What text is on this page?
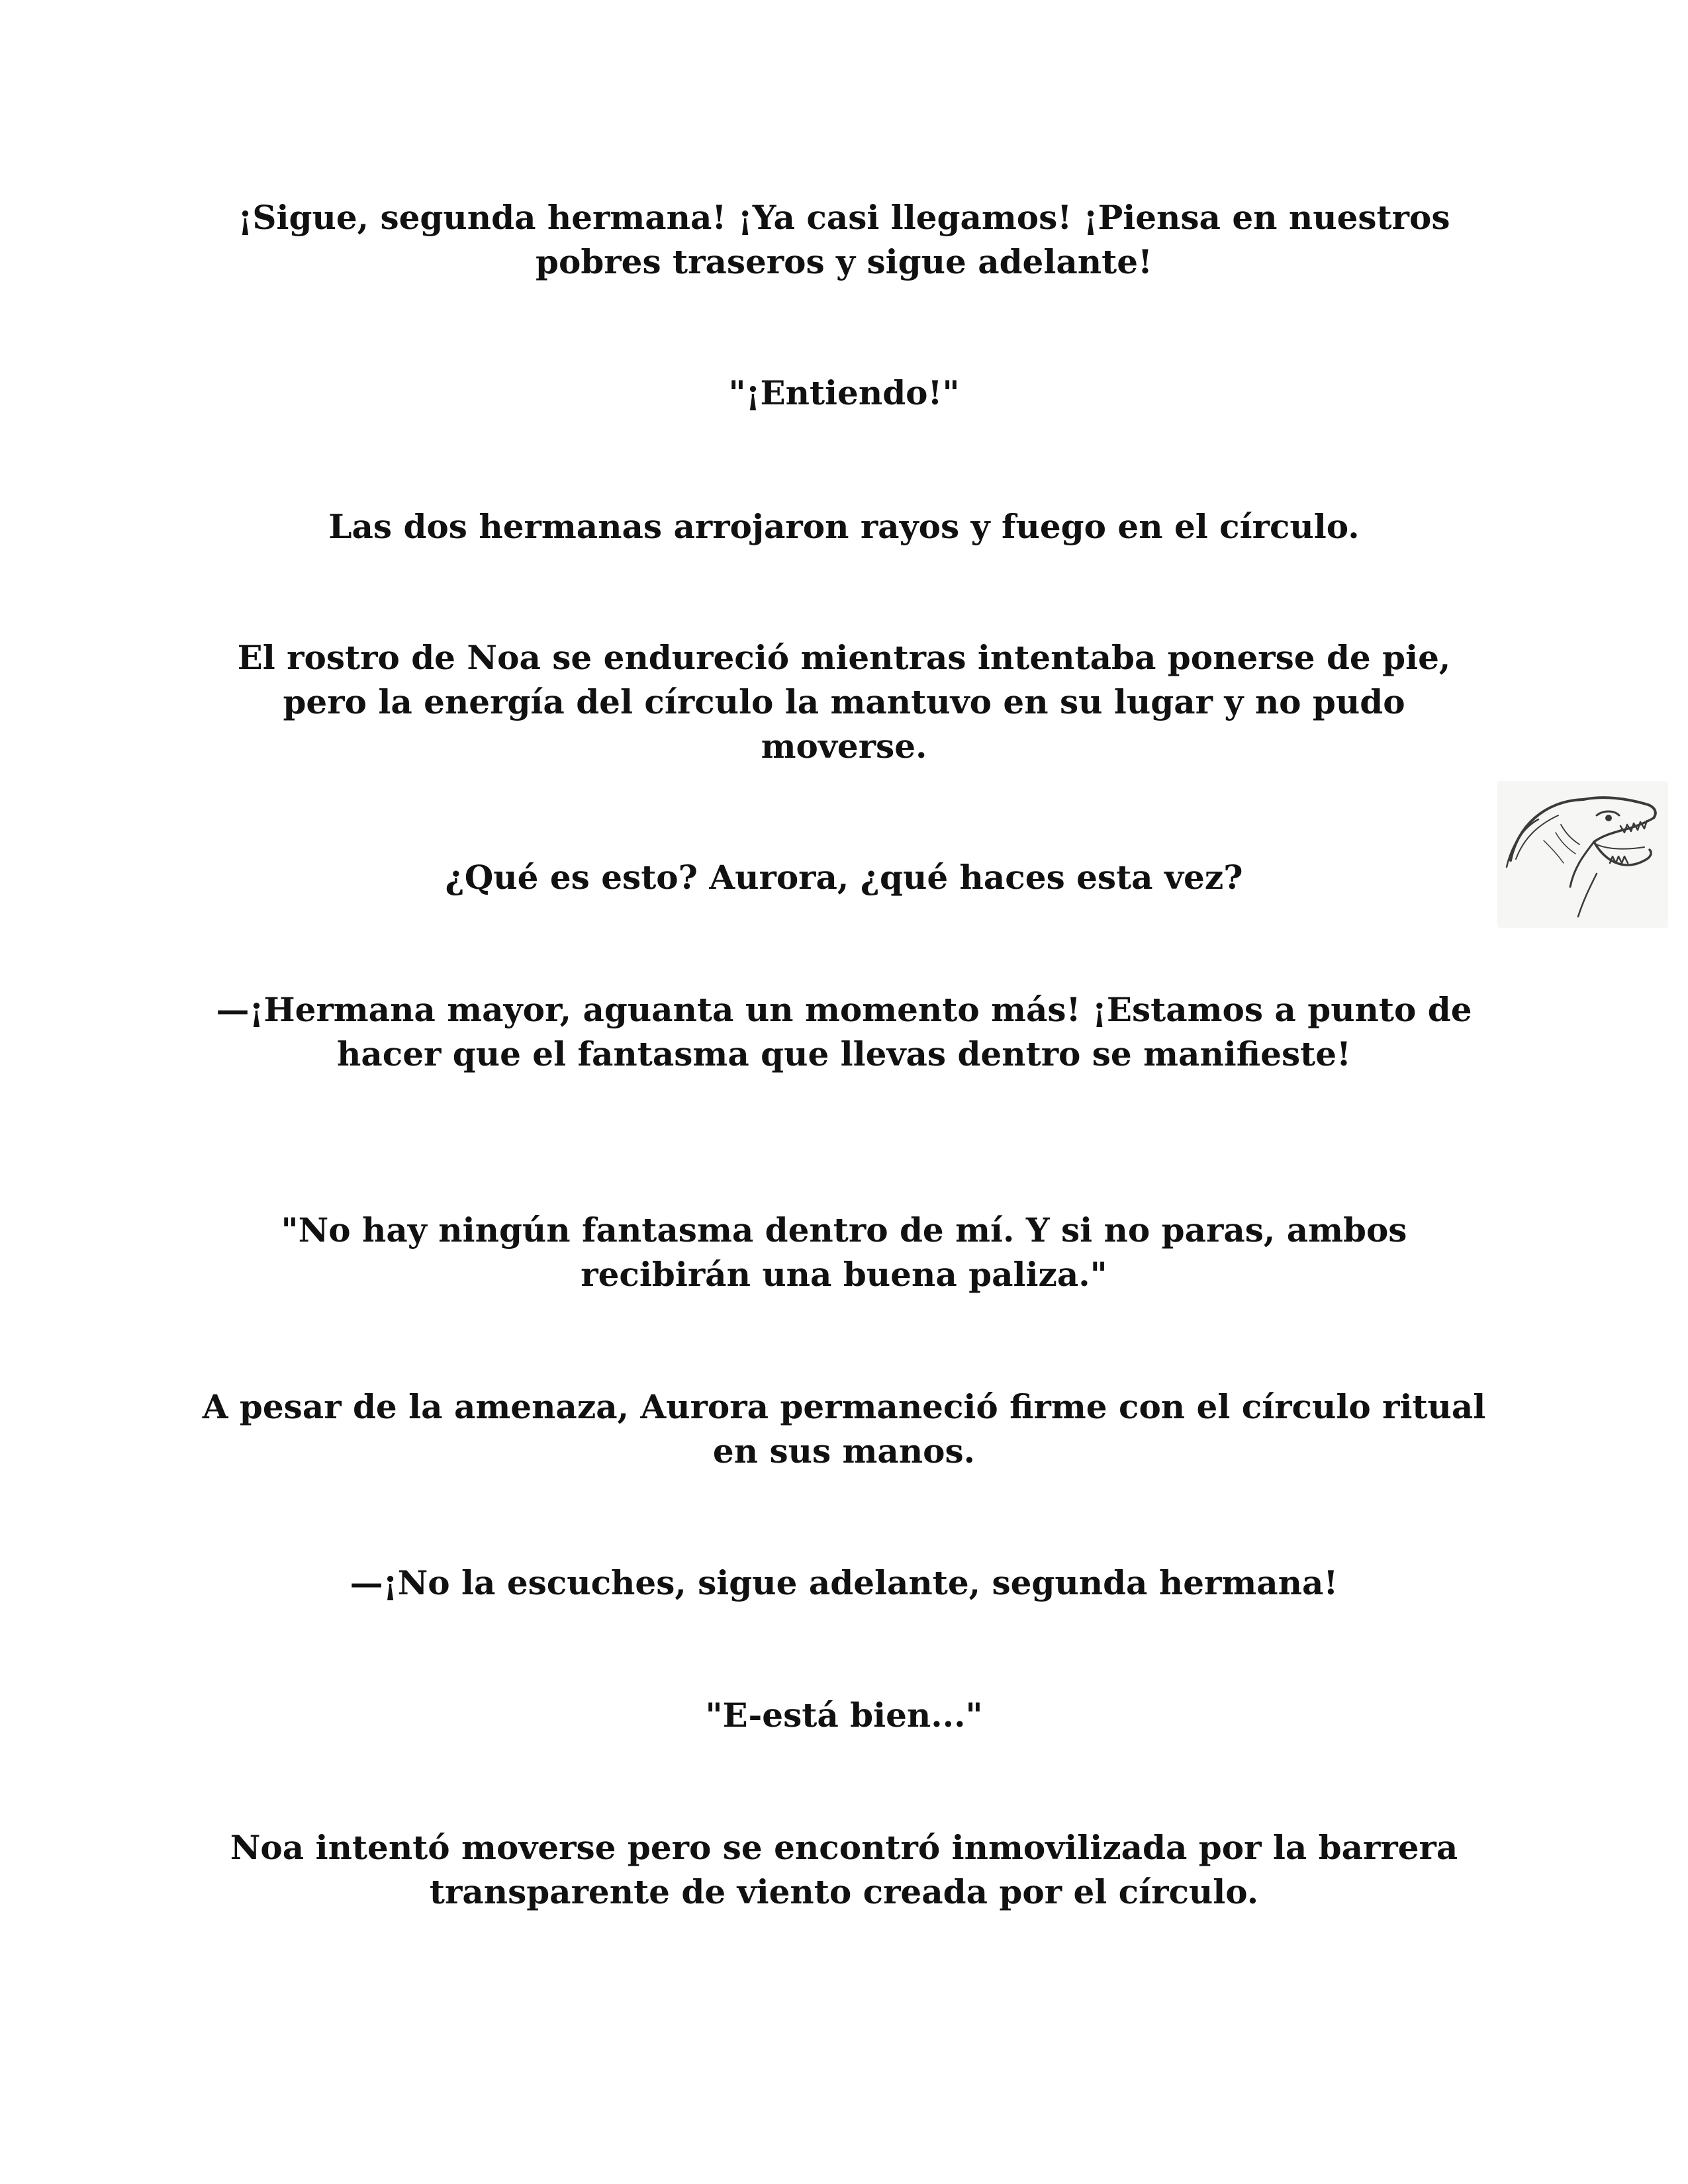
¡Sigue, segunda hermana! ¡Ya casi llegamos! ¡Piensa en nuestros pobres traseros y sigue adelante!

"¡Entiendo!"

Las dos hermanas arrojaron rayos y fuego en el círculo.

El rostro de Noa se endureció mientras intentaba ponerse de pie, pero la energía del círculo la mantuvo en su lugar y no pudo moverse.

¿Qué es esto? Aurora, ¿qué haces esta vez?

—¡Hermana mayor, aguanta un momento más! ¡Estamos a punto de hacer que el fantasma que llevas dentro se manifieste!

"No hay ningún fantasma dentro de mí. Y si no paras, ambos recibirán una buena paliza."

A pesar de la amenaza, Aurora permaneció firme con el círculo ritual en sus manos.

—¡No la escuches, sigue adelante, segunda hermana!

"E-está bien..."

Noa intentó moverse pero se encontró inmovilizada por la barrera transparente de viento creada por el círculo.
